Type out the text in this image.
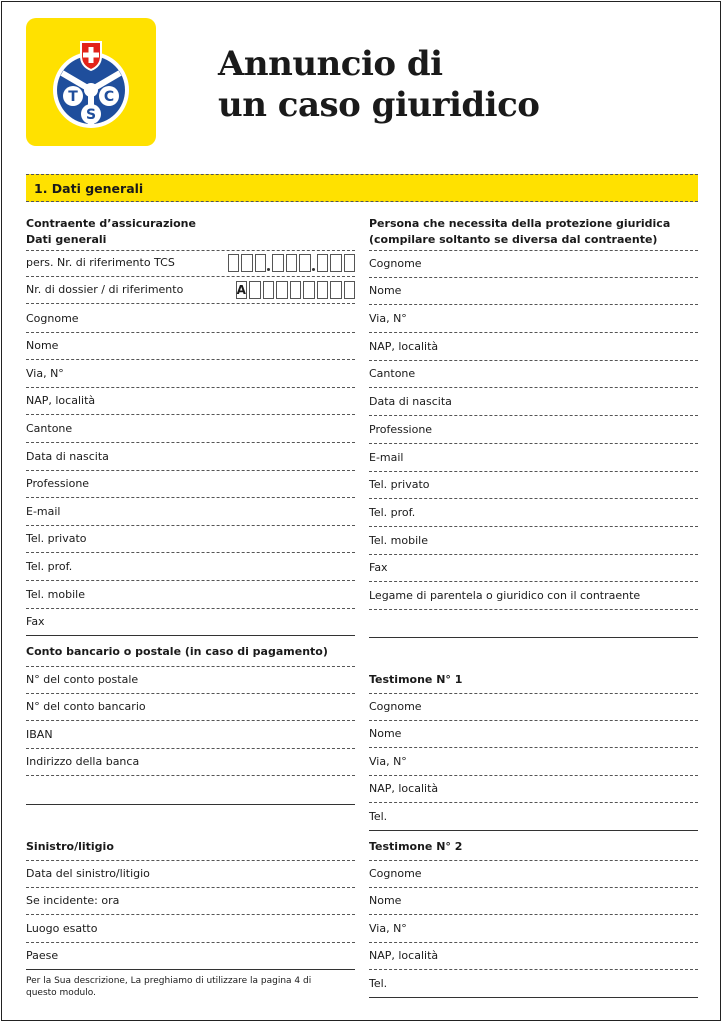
T C
S
Annuncio di
un caso giuridico
1. Dati generali
Contraente d’assicurazione
Dati generali
pers. Nr. di riferimento TCS
Nr. di dossier / di riferimento	A
Cognome
Nome
Via, N°
NAP, località
Cantone
Data di nascita
Professione
E-mail
Tel. privato
Tel. prof.
Tel. mobile
Fax
Conto bancario o postale (in caso di pagamento)
N° del conto postale
N° del conto bancario
IBAN
Indirizzo della banca
Sinistro/litigio
Data del sinistro/litigio
Se incidente: ora
Luogo esatto
Paese
Per la Sua descrizione, La preghiamo di utilizzare la pagina 4 di questo modulo.
Persona che necessita della protezione giuridica
(compilare soltanto se diversa dal contraente)
Cognome
Nome
Via, N°
NAP, località
Cantone
Data di nascita
Professione
E-mail
Tel. privato
Tel. prof.
Tel. mobile
Fax
Legame di parentela o giuridico con il contraente
Testimone N° 1
Cognome
Nome
Via, N°
NAP, località
Tel.
Testimone N° 2
Cognome
Nome
Via, N°
NAP, località
Tel.
